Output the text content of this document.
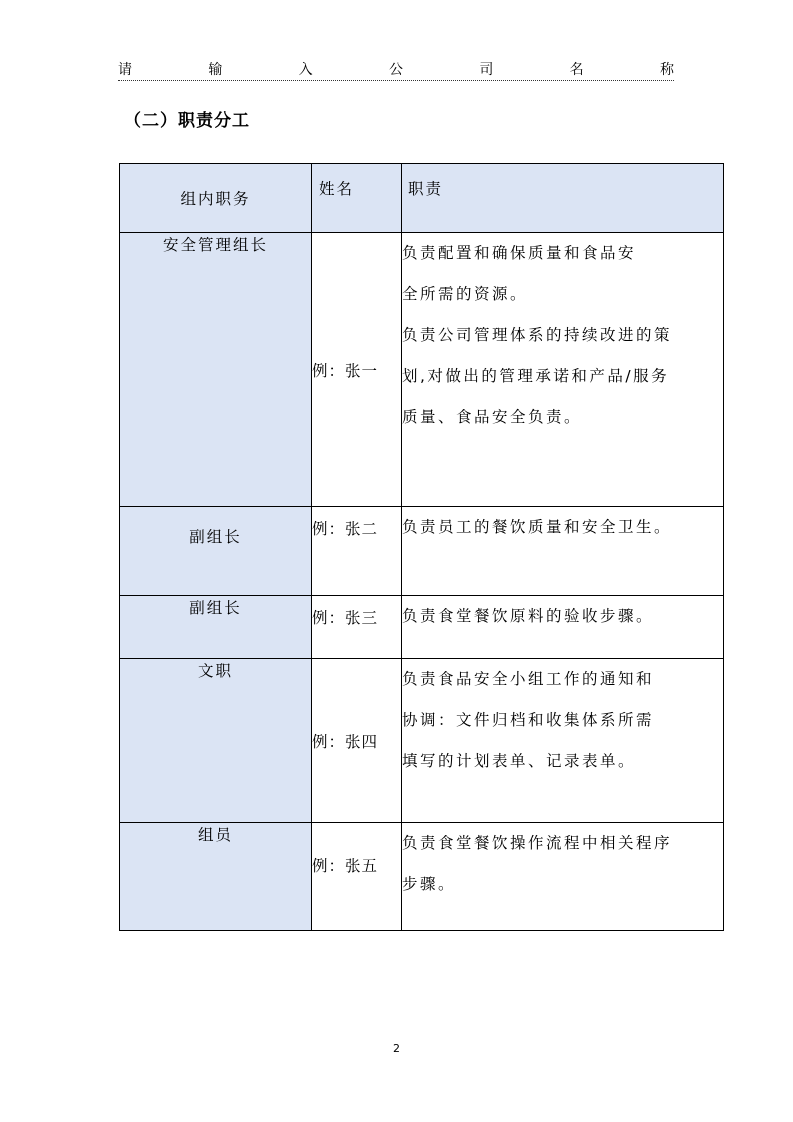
请	输	入	公	司	名	称
（二）职责分工
组内职务	姓名	职责
安全管理组长	例：张一	负责配置和确保质量和食品安
全所需的资源。
负责公司管理体系的持续改进的策
划,对做出的管理承诺和产品/服务
质量、食品安全负责。

副组长	例：张二	负责员工的餐饮质量和安全卫生。

副组长	例：张三	负责食堂餐饮原料的验收步骤。

文职	例：张四	负责食品安全小组工作的通知和
协调：文件归档和收集体系所需
填写的计划表单、记录表单。

组员	例：张五	负责食堂餐饮操作流程中相关程序
步骤。
2
